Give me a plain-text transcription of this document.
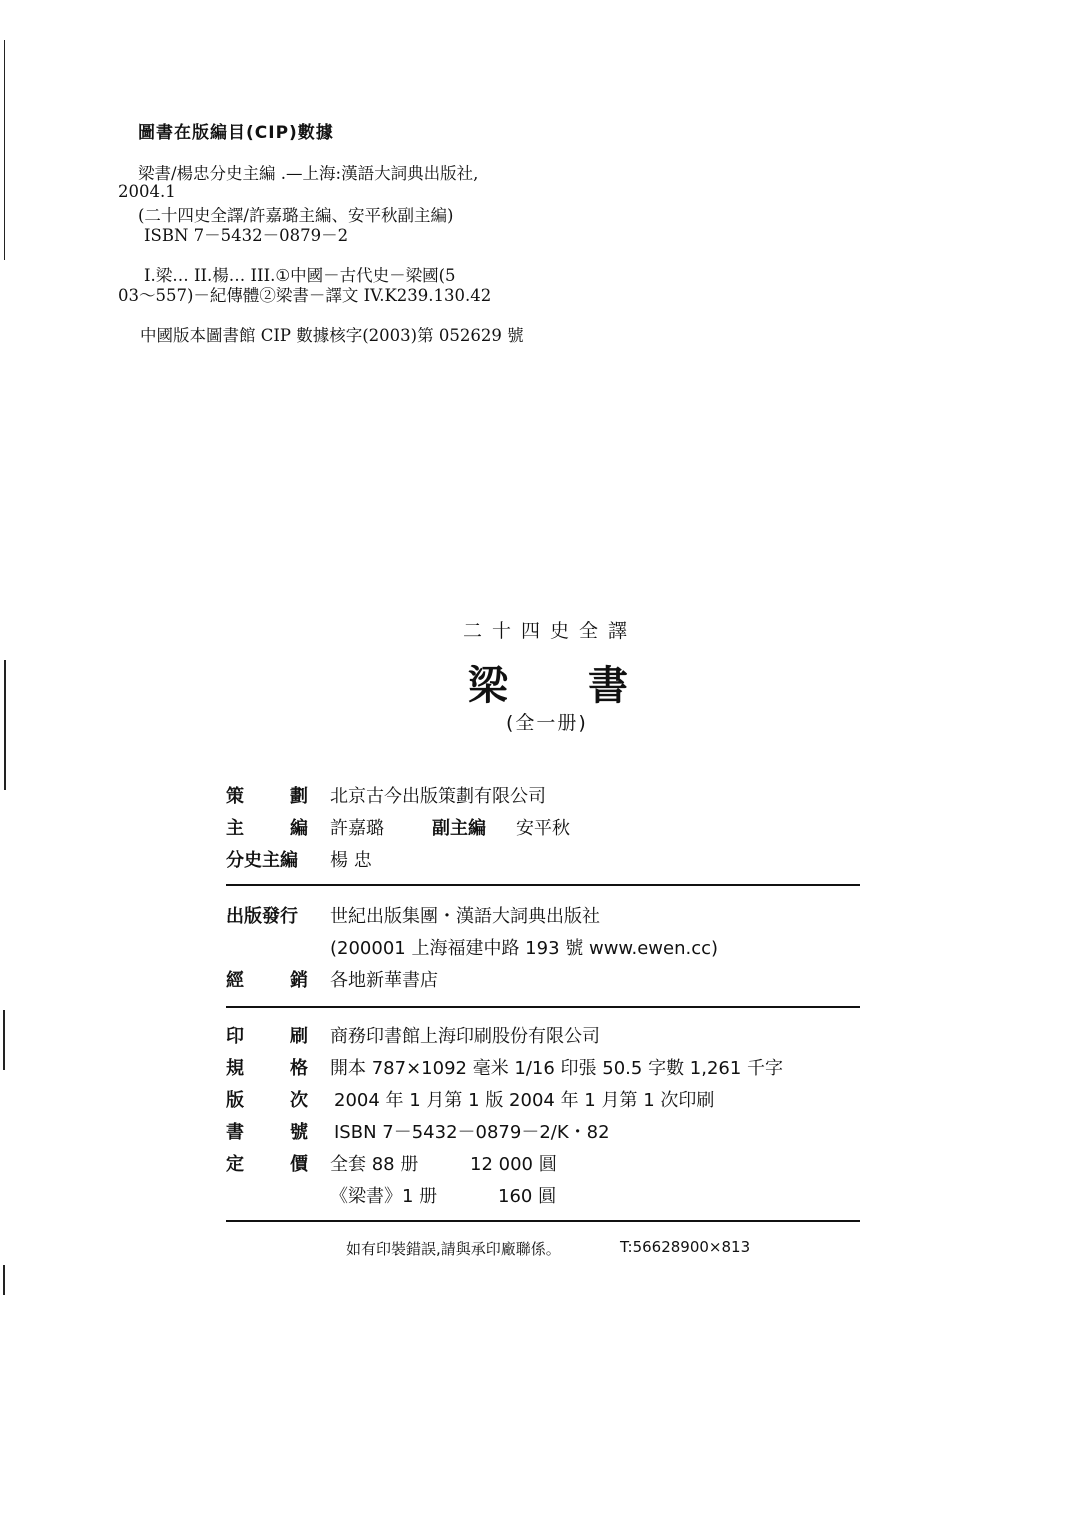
圖書在版編目(CIP)數據
梁書/楊忠分史主編 .—上海:漢語大詞典出版社,
2004.1
(二十四史全譯/許嘉璐主編、安平秋副主編)
ISBN 7－5432－0879－2
I.梁… II.楊… III.①中國－古代史－梁國(5
03～557)－紀傳體②梁書－譯文 IV.K239.130.42
中國版本圖書館 CIP 數據核字(2003)第 052629 號
二十四史全譯
梁書
(全一册)
策	劃 北京古今出版策劃有限公司
主	編 許嘉璐	副主編 安平秋
分史主編	楊 忠
出版發行	世紀出版集團・漢語大詞典出版社
(200001 上海福建中路 193 號 www.ewen.cc)
經	銷 各地新華書店
印	刷 商務印書館上海印刷股份有限公司
規	格 開本 787×1092 毫米 1/16 印張 50.5 字數 1,261 千字
版	次 2004 年 1 月第 1 版 2004 年 1 月第 1 次印刷
書	號 ISBN 7－5432－0879－2/K・82
定	價 全套 88 册	12 000 圓
《梁書》1 册	160 圓
如有印裝錯誤,請與承印廠聯係。	T:56628900×813
